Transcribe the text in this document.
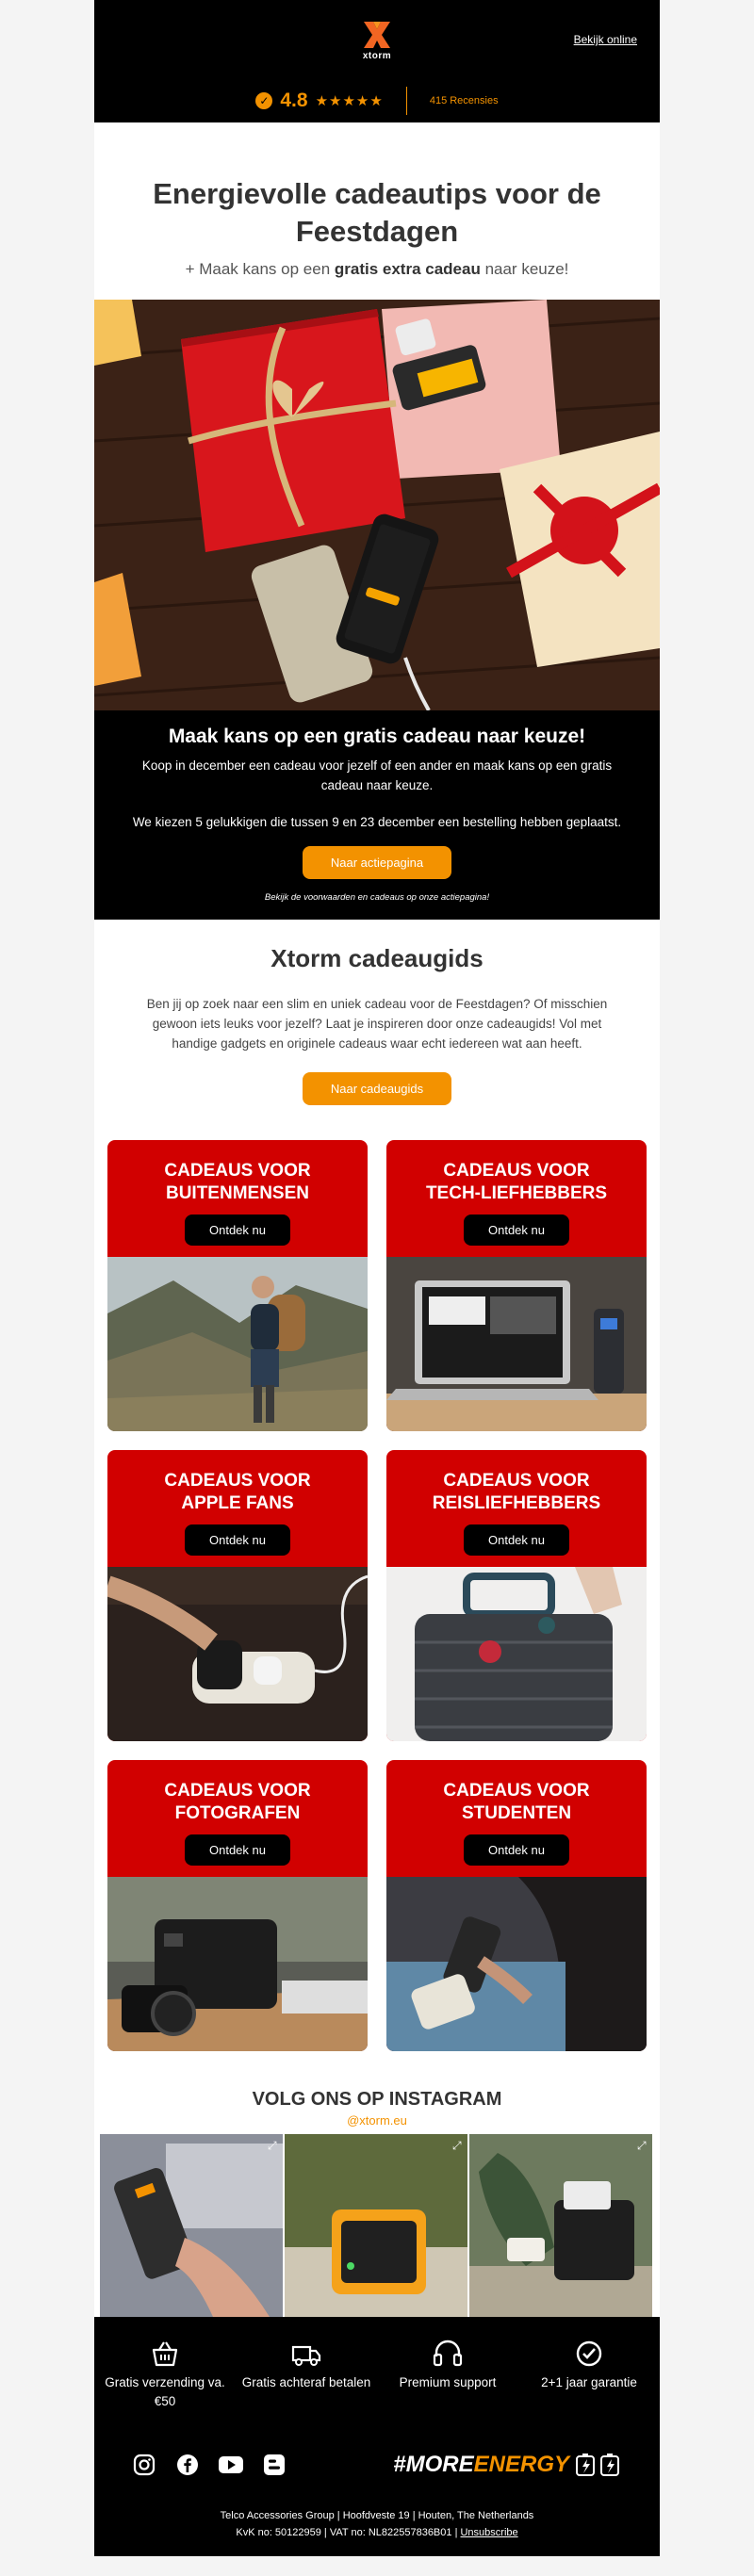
xtorm
Bekijk online
✓ 4.8 ★★★★★	415 Recensies
Energievolle cadeautips voor de Feestdagen

+ Maak kans op een gratis extra cadeau naar keuze!

Maak kans op een gratis cadeau naar keuze!

Koop in december een cadeau voor jezelf of een ander en maak kans op een gratis cadeau naar keuze.

We kiezen 5 gelukkigen die tussen 9 en 23 december een bestelling hebben geplaatst.

Naar actiepagina
Bekijk de voorwaarden en cadeaus op onze actiepagina!
Xtorm cadeaugids

Ben jij op zoek naar een slim en uniek cadeau voor de Feestdagen? Of misschien gewoon iets leuks voor jezelf? Laat je inspireren door onze cadeaugids! Vol met handige gadgets en originele cadeaus waar echt iedereen wat aan heeft.

Naar cadeaugids
CADEAUS VOOR
BUITENMENSEN
Ontdek nu
CADEAUS VOOR
TECH-LIEFHEBBERS
Ontdek nu
CADEAUS VOOR
APPLE FANS
Ontdek nu
CADEAUS VOOR
REISLIEFHEBBERS
Ontdek nu
CADEAUS VOOR
FOTOGRAFEN
Ontdek nu
CADEAUS VOOR
STUDENTEN
Ontdek nu
VOLG ONS OP INSTAGRAM
@xtorm.eu
⤢	⤢	⤢
Gratis verzending va. €50
Gratis achteraf betalen	Premium support	2+1 jaar garantie
#MORE ENERGY
Telco Accessories Group | Hoofdveste 19 | Houten, The Netherlands
KvK no: 50122959 | VAT no: NL822557836B01 | Unsubscribe
